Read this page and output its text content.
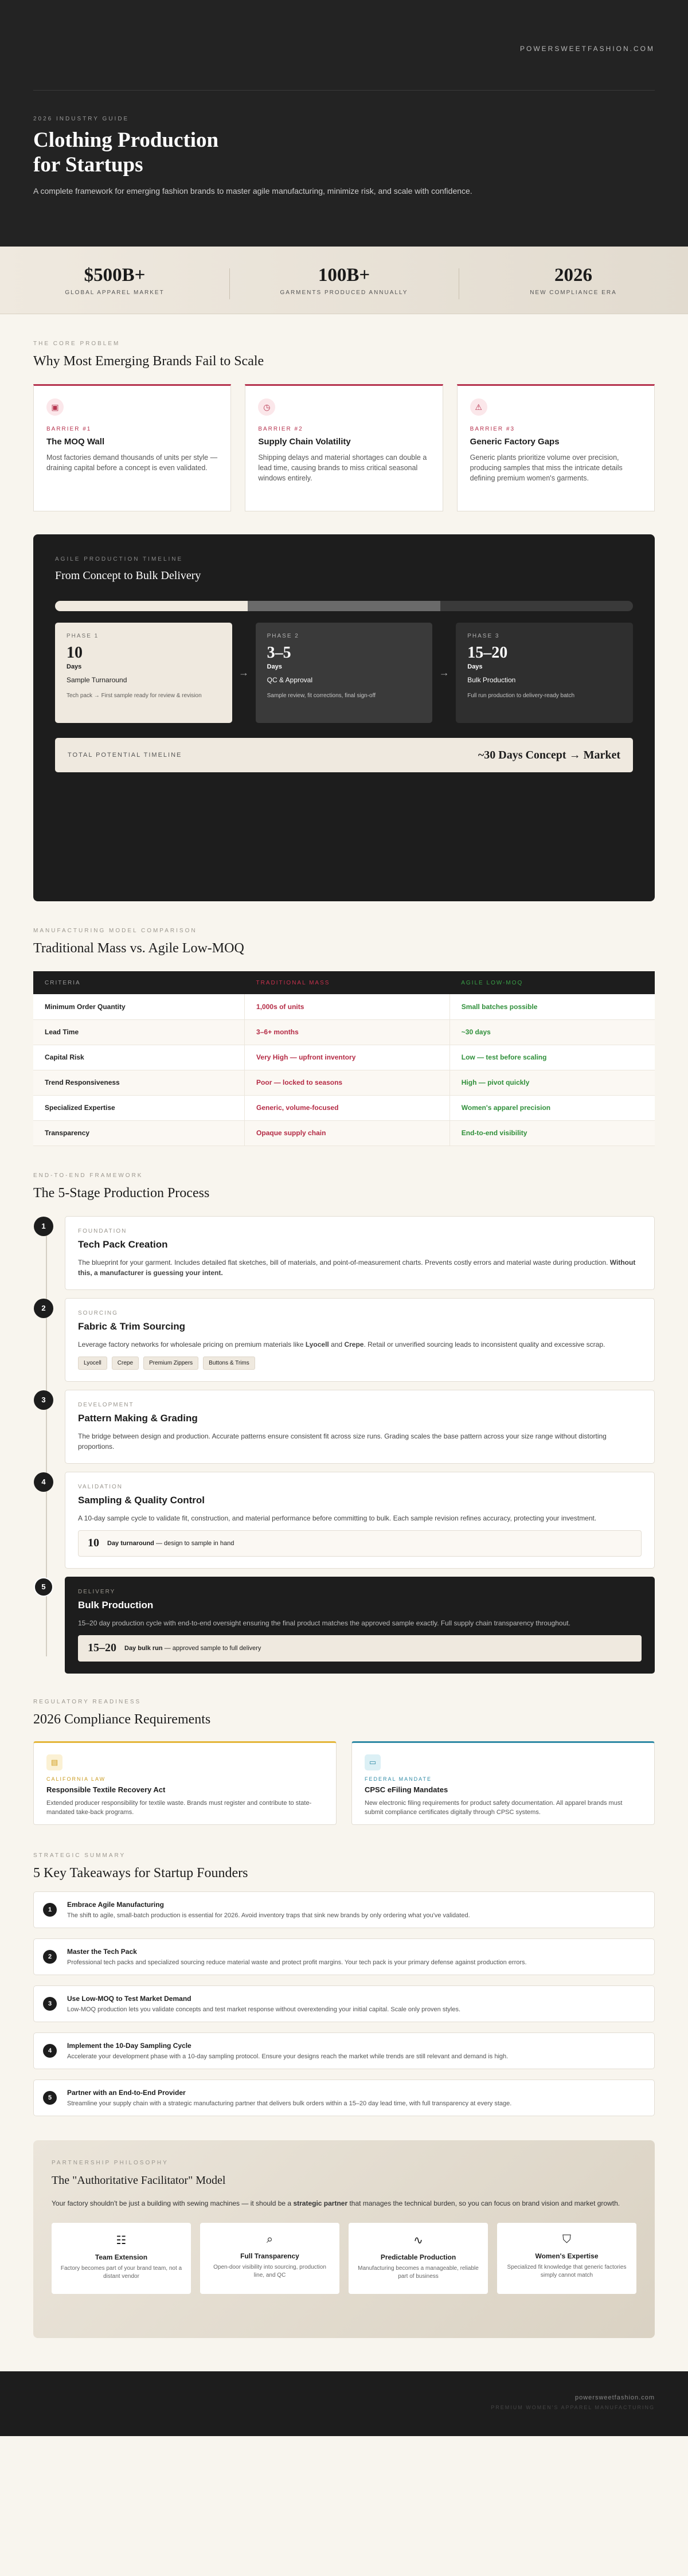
POWERSWEETFASHION.COM
2026 INDUSTRY GUIDE
Clothing Production
for Startups

A complete framework for emerging fashion brands to master agile manufacturing, minimize risk, and scale with confidence.

$500B+
GLOBAL APPAREL MARKET
100B+
GARMENTS PRODUCED ANNUALLY
2026
NEW COMPLIANCE ERA
THE CORE PROBLEM
Why Most Emerging Brands Fail to Scale
▣
BARRIER #1
The MOQ Wall

Most factories demand thousands of units per style — draining capital before a concept is even validated.

◷
BARRIER #2
Supply Chain Volatility

Shipping delays and material shortages can double a lead time, causing brands to miss critical seasonal windows entirely.

⚠
BARRIER #3
Generic Factory Gaps

Generic plants prioritize volume over precision, producing samples that miss the intricate details defining premium women's garments.

AGILE PRODUCTION TIMELINE
From Concept to Bulk Delivery
PHASE 1
10
Days
Sample Turnaround
Tech pack → First sample ready for review & revision
→
PHASE 2
3–5
Days
QC & Approval
Sample review, fit corrections, final sign-off
→
PHASE 3
15–20
Days
Bulk Production
Full run production to delivery-ready batch
TOTAL POTENTIAL TIMELINE	~30 Days Concept → Market
MANUFACTURING MODEL COMPARISON
Traditional Mass vs. Agile Low-MOQ
CRITERIA	TRADITIONAL MASS	AGILE LOW-MOQ
Minimum Order Quantity	1,000s of units	Small batches possible
Lead Time	3–6+ months	~30 days
Capital Risk	Very High — upfront inventory	Low — test before scaling
Trend Responsiveness	Poor — locked to seasons	High — pivot quickly
Specialized Expertise	Generic, volume-focused	Women's apparel precision
Transparency	Opaque supply chain	End-to-end visibility
END-TO-END FRAMEWORK
The 5-Stage Production Process
1
FOUNDATION
Tech Pack Creation

The blueprint for your garment. Includes detailed flat sketches, bill of materials, and point-of-measurement charts. Prevents costly errors and material waste during production. Without this, a manufacturer is guessing your intent.

2
SOURCING
Fabric & Trim Sourcing

Leverage factory networks for wholesale pricing on premium materials like Lyocell and Crepe. Retail or unverified sourcing leads to inconsistent quality and excessive scrap.

Lyocell	Crepe	Premium Zippers	Buttons & Trims
3
DEVELOPMENT
Pattern Making & Grading

The bridge between design and production. Accurate patterns ensure consistent fit across size runs. Grading scales the base pattern across your size range without distorting proportions.

4
VALIDATION
Sampling & Quality Control

A 10-day sample cycle to validate fit, construction, and material performance before committing to bulk. Each sample revision refines accuracy, protecting your investment.

10 Day turnaround — design to sample in hand
5
DELIVERY
Bulk Production

15–20 day production cycle with end-to-end oversight ensuring the final product matches the approved sample exactly. Full supply chain transparency throughout.

15–20 Day bulk run — approved sample to full delivery
REGULATORY READINESS
2026 Compliance Requirements
▤
CALIFORNIA LAW
Responsible Textile Recovery Act

Extended producer responsibility for textile waste. Brands must register and contribute to state-mandated take-back programs.

▭
FEDERAL MANDATE
CPSC eFiling Mandates

New electronic filing requirements for product safety documentation. All apparel brands must submit compliance certificates digitally through CPSC systems.

STRATEGIC SUMMARY
5 Key Takeaways for Startup Founders
1
Embrace Agile Manufacturing

The shift to agile, small-batch production is essential for 2026. Avoid inventory traps that sink new brands by only ordering what you've validated.

2
Master the Tech Pack

Professional tech packs and specialized sourcing reduce material waste and protect profit margins. Your tech pack is your primary defense against production errors.

3
Use Low-MOQ to Test Market Demand

Low-MOQ production lets you validate concepts and test market response without overextending your initial capital. Scale only proven styles.

4
Implement the 10-Day Sampling Cycle

Accelerate your development phase with a 10-day sampling protocol. Ensure your designs reach the market while trends are still relevant and demand is high.

5
Partner with an End-to-End Provider

Streamline your supply chain with a strategic manufacturing partner that delivers bulk orders within a 15–20 day lead time, with full transparency at every stage.

PARTNERSHIP PHILOSOPHY
The "Authoritative Facilitator" Model

Your factory shouldn't be just a building with sewing machines — it should be a strategic partner that manages the technical burden, so you can focus on brand vision and market growth.

☷
Team Extension

Factory becomes part of your brand team, not a distant vendor

⌕
Full Transparency

Open-door visibility into sourcing, production line, and QC

∿
Predictable Production

Manufacturing becomes a manageable, reliable part of business

⛉
Women's Expertise

Specialized fit knowledge that generic factories simply cannot match

powersweetfashion.com
PREMIUM WOMEN'S APPAREL MANUFACTURING
